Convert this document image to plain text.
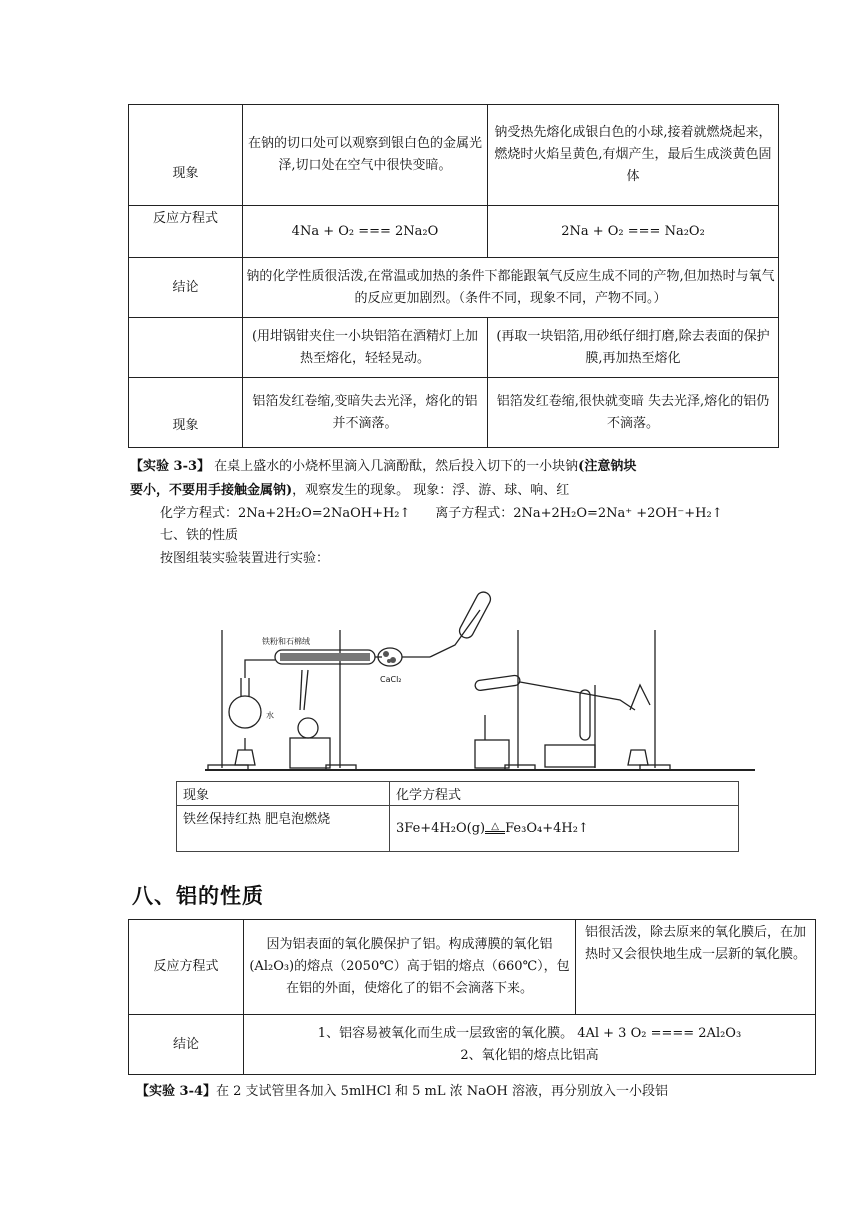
现象	在钠的切口处可以观察到银白色的金属光泽,切口处在空气中很快变暗。	钠受热先熔化成银白色的小球,接着就燃烧起来，燃烧时火焰呈黄色,有烟产生，最后生成淡黄色固体
反应方程式	4Na + O₂ === 2Na₂O	2Na + O₂ === Na₂O₂
结论	钠的化学性质很活泼,在常温或加热的条件下都能跟氧气反应生成不同的产物,但加热时与氧气的反应更加剧烈。（条件不同，现象不同，产物不同。）	
	(用坩锅钳夹住一小块铝箔在酒精灯上加热至熔化，轻轻晃动。	(再取一块铝箔,用砂纸仔细打磨,除去表面的保护膜,再加热至熔化
现象	铝箔发红卷缩,变暗失去光泽，熔化的铝并不滴落。	铝箔发红卷缩,很快就变暗 失去光泽,熔化的铝仍不滴落。
【实验 3-3】 在桌上盛水的小烧杯里滴入几滴酚酞，然后投入切下的一小块钠(注意钠块
要小，不要用手接触金属钠)，观察发生的现象。 现象：浮、游、球、响、红
化学方程式：2Na+2H₂O=2NaOH+H₂↑ 离子方程式：2Na+2H₂O=2Na⁺ +2OH⁻+H₂↑
七、铁的性质
按图组装实验装置进行实验：
铁粉和石棉绒
水
CaCl₂
现象	化学方程式
铁丝保持红热 肥皂泡燃烧	3Fe+4H₂O(g) △ Fe₃O₄+4H₂↑
八、铝的性质
反应方程式	因为铝表面的氧化膜保护了铝。构成薄膜的氧化铝(Al₂O₃)的熔点（2050℃）高于铝的熔点（660℃），包在铝的外面，使熔化了的铝不会滴落下来。	铝很活泼，除去原来的氧化膜后，在加热时又会很快地生成一层新的氧化膜。
结论	1、铝容易被氧化而生成一层致密的氧化膜。 4Al + 3 O₂ ==== 2Al₂O₃
2、氧化铝的熔点比铝高	
【实验 3-4】在 2 支试管里各加入 5mlHCl 和 5 mL 浓 NaOH 溶液，再分别放入一小段铝
